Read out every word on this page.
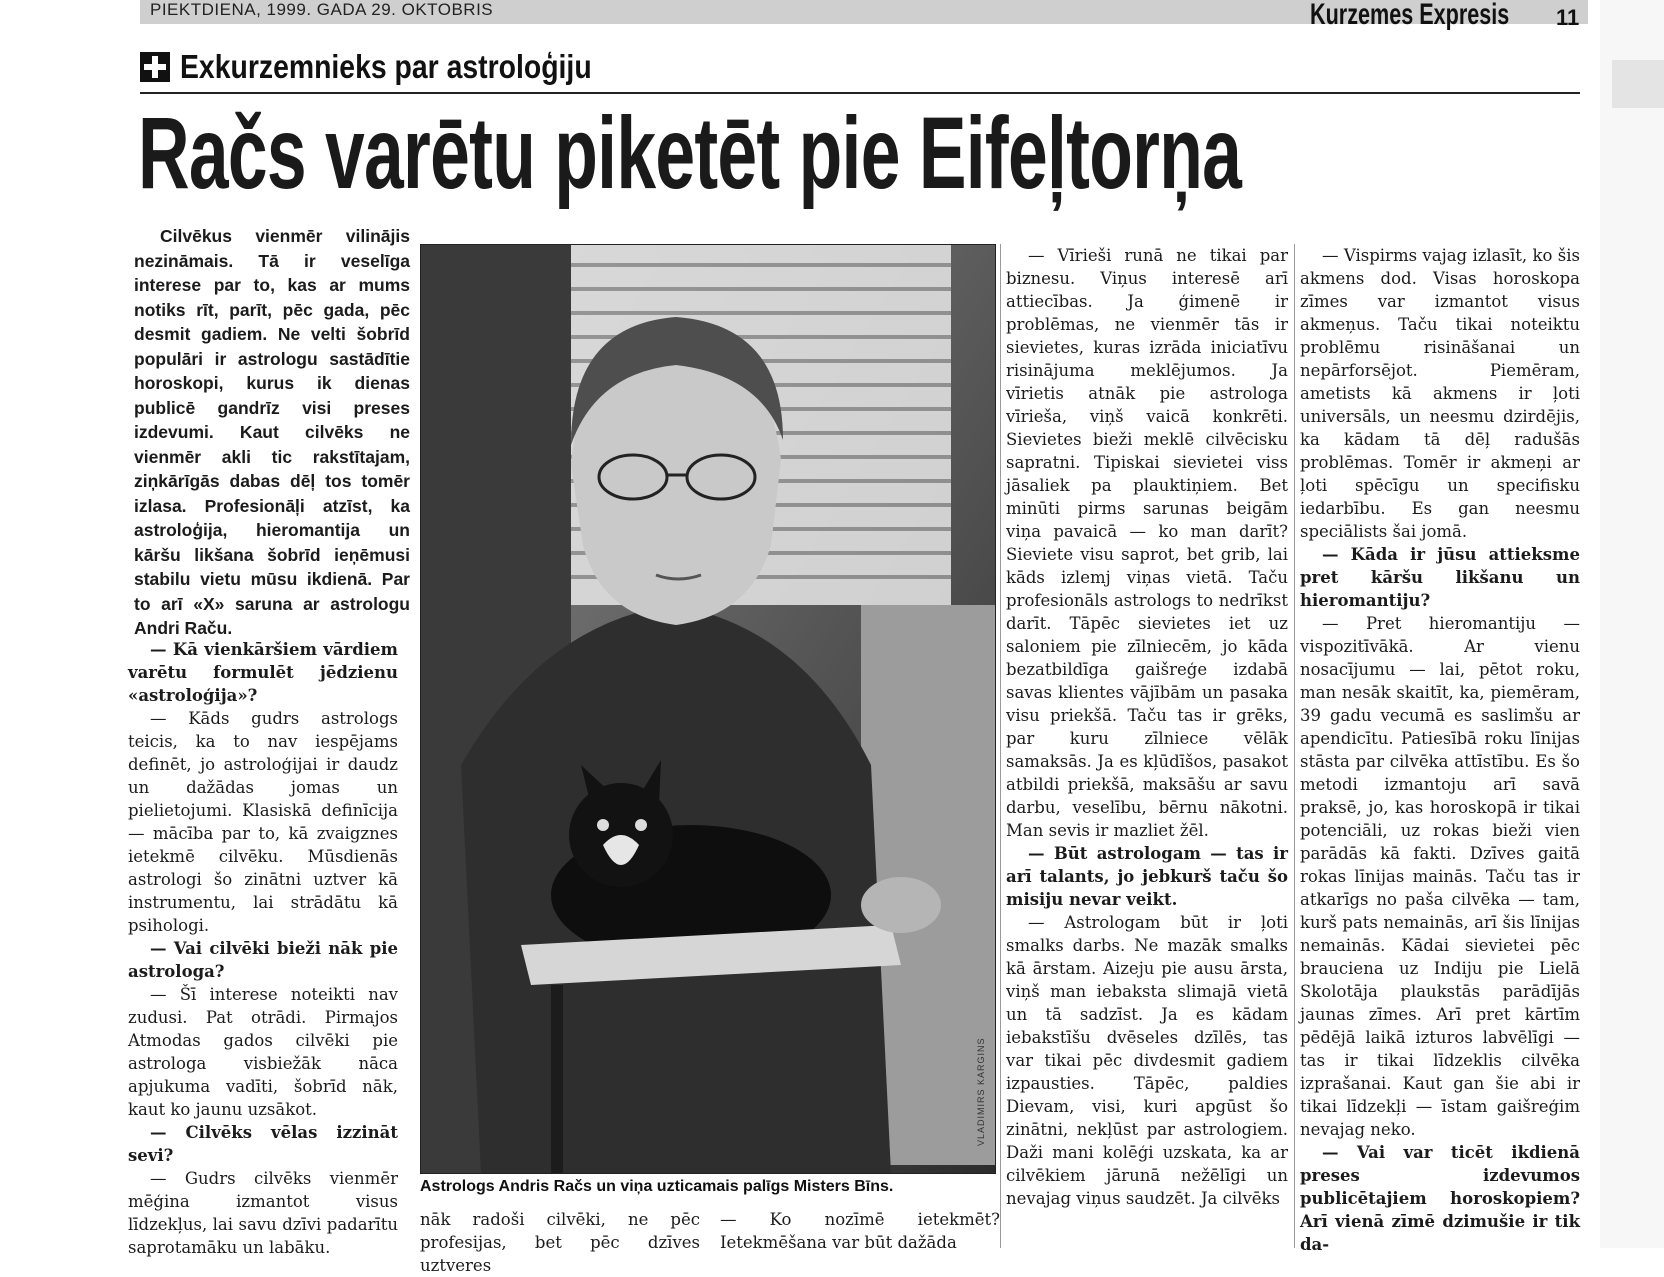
PIEKTDIENA, 1999. GADA 29. OKTOBRIS	Kurzemes Expresis 11
Exkurzemnieks par astroloģiju
Račs varētu piketēt pie Eifeļtorņa

Cilvēkus vienmēr vilinājis nezināmais. Tā ir veselīga interese par to, kas ar mums notiks rīt, parīt, pēc gada, pēc desmit gadiem. Ne velti šobrīd populāri ir astrologu sastādītie horoskopi, kurus ik dienas publicē gandrīz visi preses izdevumi. Kaut cilvēks ne vienmēr akli tic rakstītajam, ziņkārīgās dabas dēļ tos tomēr izlasa. Profesionāļi atzīst, ka astroloģija, hieromantija un kāršu likšana šobrīd ieņēmusi stabilu vietu mūsu ikdienā. Par to arī «X» saruna ar astrologu Andri Raču.

— Kā vienkāršiem vārdiem varētu formulēt jēdzienu «astroloģija»?

— Kāds gudrs astrologs teicis, ka to nav iespējams definēt, jo astroloģijai ir daudz un dažādas jomas un pielietojumi. Klasiskā definīcija — mācība par to, kā zvaigznes ietekmē cilvēku. Mūsdienās astrologi šo zinātni uztver kā instrumentu, lai strādātu kā psihologi.

— Vai cilvēki bieži nāk pie astrologa?

— Šī interese noteikti nav zudusi. Pat otrādi. Pirmajos Atmodas gados cilvēki pie astrologa visbiežāk nāca apjukuma vadīti, šobrīd nāk, kaut ko jaunu uzsākot.

— Cilvēks vēlas izzināt sevi?

— Gudrs cilvēks vienmēr mēģina izmantot visus līdzekļus, lai savu dzīvi padarītu saprotamāku un labāku.

VLADIMIRS KARGINS
Astrologs Andris Račs un viņa uzticamais palīgs Misters Bīns.

nāk radoši cilvēki, ne pēc profesijas, bet pēc dzīves uztveres

— Ko nozīmē ietekmēt? Ietekmēšana var būt dažāda

— Vīrieši runā ne tikai par biznesu. Viņus interesē arī attiecības. Ja ģimenē ir problēmas, ne vienmēr tās ir sievietes, kuras izrāda iniciatīvu risinājuma meklējumos. Ja vīrietis atnāk pie astrologa vīrieša, viņš vaicā konkrēti. Sievietes bieži meklē cilvēcisku sapratni. Tipiskai sievietei viss jāsaliek pa plauktiņiem. Bet minūti pirms sarunas beigām viņa pavaicā — ko man darīt? Sieviete visu saprot, bet grib, lai kāds izlemj viņas vietā. Taču profesionāls astrologs to nedrīkst darīt. Tāpēc sievietes iet uz saloniem pie zīlniecēm, jo kāda bezatbildīga gaišreģe izdabā savas klientes vājībām un pasaka visu priekšā. Taču tas ir grēks, par kuru zīlniece vēlāk samaksās. Ja es kļūdīšos, pasakot atbildi priekšā, maksāšu ar savu darbu, veselību, bērnu nākotni. Man sevis ir mazliet žēl.

— Būt astrologam — tas ir arī talants, jo jebkurš taču šo misiju nevar veikt.

— Astrologam būt ir ļoti smalks darbs. Ne mazāk smalks kā ārstam. Aizeju pie ausu ārsta, viņš man iebaksta slimajā vietā un tā sadzīst. Ja es kādam iebakstīšu dvēseles dzīlēs, tas var tikai pēc divdesmit gadiem izpausties. Tāpēc, paldies Dievam, visi, kuri apgūst šo zinātni, nekļūst par astrologiem. Daži mani kolēģi uzskata, ka ar cilvēkiem jārunā nežēlīgi un nevajag viņus saudzēt. Ja cilvēks

— Vispirms vajag izlasīt, ko šis akmens dod. Visas horoskopa zīmes var izmantot visus akmeņus. Taču tikai noteiktu problēmu risināšanai un nepārforsējot. Piemēram, ametists kā akmens ir ļoti universāls, un neesmu dzirdējis, ka kādam tā dēļ radušās problēmas. Tomēr ir akmeņi ar ļoti spēcīgu un specifisku iedarbību. Es gan neesmu speciālists šai jomā.

— Kāda ir jūsu attieksme pret kāršu likšanu un hieromantiju?

— Pret hieromantiju — vispozitīvākā. Ar vienu nosacījumu — lai, pētot roku, man nesāk skaitīt, ka, piemēram, 39 gadu vecumā es saslimšu ar apendicītu. Patiesībā roku līnijas stāsta par cilvēka attīstību. Es šo metodi izmantoju arī savā praksē, jo, kas horoskopā ir tikai potenciāli, uz rokas bieži vien parādās kā fakti. Dzīves gaitā rokas līnijas mainās. Taču tas ir atkarīgs no paša cilvēka — tam, kurš pats nemainās, arī šis līnijas nemainās. Kādai sievietei pēc brauciena uz Indiju pie Lielā Skolotāja plaukstās parādījās jaunas zīmes. Arī pret kārtīm pēdējā laikā izturos labvēlīgi — tas ir tikai līdzeklis cilvēka izprašanai. Kaut gan šie abi ir tikai līdzekļi — īstam gaišreģim nevajag neko.

— Vai var ticēt ikdienā preses izdevumos publicētajiem horoskopiem? Arī vienā zīmē dzimušie ir tik da-
